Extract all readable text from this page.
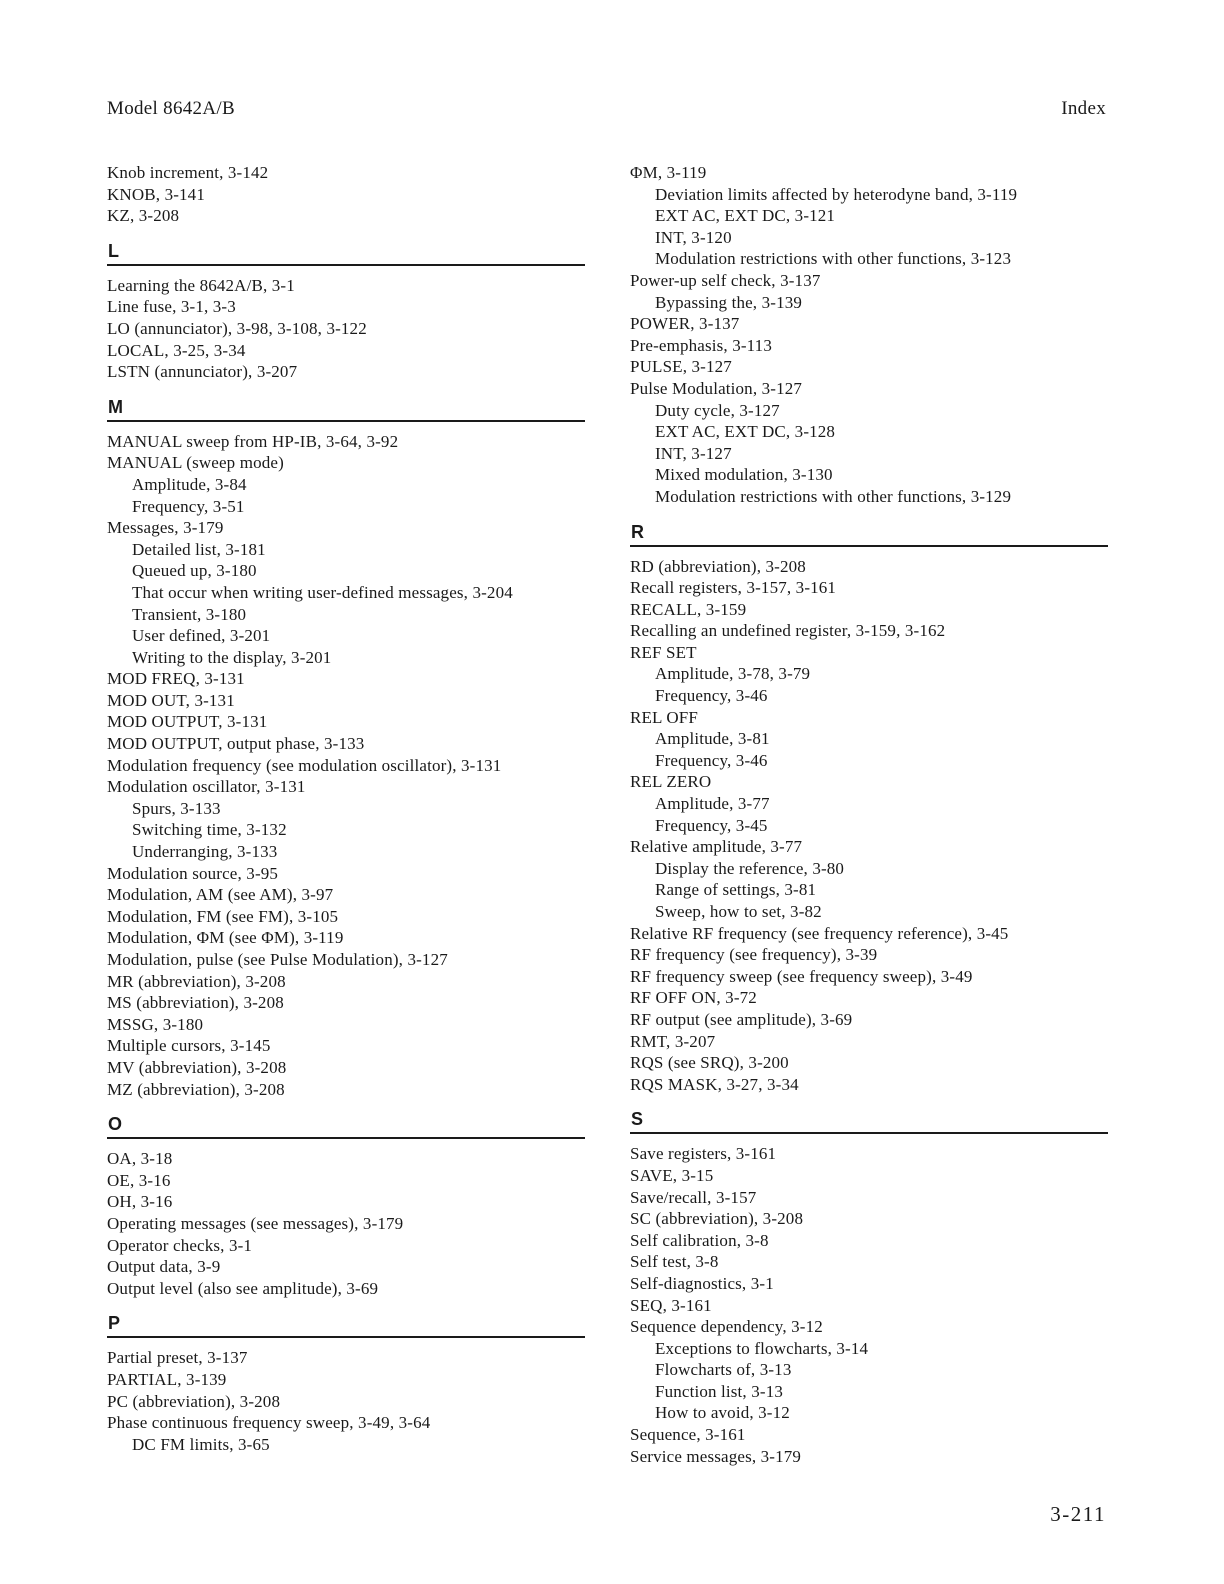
Model 8642A/B	Index
Knob increment, 3-142
KNOB, 3-141
KZ, 3-208
L
Learning the 8642A/B, 3-1
Line fuse, 3-1, 3-3
LO (annunciator), 3-98, 3-108, 3-122
LOCAL, 3-25, 3-34
LSTN (annunciator), 3-207
M
MANUAL sweep from HP-IB, 3-64, 3-92
MANUAL (sweep mode)
Amplitude, 3-84
Frequency, 3-51
Messages, 3-179
Detailed list, 3-181
Queued up, 3-180
That occur when writing user-defined messages, 3-204
Transient, 3-180
User defined, 3-201
Writing to the display, 3-201
MOD FREQ, 3-131
MOD OUT, 3-131
MOD OUTPUT, 3-131
MOD OUTPUT, output phase, 3-133
Modulation frequency (see modulation oscillator), 3-131
Modulation oscillator, 3-131
Spurs, 3-133
Switching time, 3-132
Underranging, 3-133
Modulation source, 3-95
Modulation, AM (see AM), 3-97
Modulation, FM (see FM), 3-105
Modulation, ΦM (see ΦM), 3-119
Modulation, pulse (see Pulse Modulation), 3-127
MR (abbreviation), 3-208
MS (abbreviation), 3-208
MSSG, 3-180
Multiple cursors, 3-145
MV (abbreviation), 3-208
MZ (abbreviation), 3-208
O
OA, 3-18
OE, 3-16
OH, 3-16
Operating messages (see messages), 3-179
Operator checks, 3-1
Output data, 3-9
Output level (also see amplitude), 3-69
P
Partial preset, 3-137
PARTIAL, 3-139
PC (abbreviation), 3-208
Phase continuous frequency sweep, 3-49, 3-64
DC FM limits, 3-65
ΦM, 3-119
Deviation limits affected by heterodyne band, 3-119
EXT AC, EXT DC, 3-121
INT, 3-120
Modulation restrictions with other functions, 3-123
Power-up self check, 3-137
Bypassing the, 3-139
POWER, 3-137
Pre-emphasis, 3-113
PULSE, 3-127
Pulse Modulation, 3-127
Duty cycle, 3-127
EXT AC, EXT DC, 3-128
INT, 3-127
Mixed modulation, 3-130
Modulation restrictions with other functions, 3-129
R
RD (abbreviation), 3-208
Recall registers, 3-157, 3-161
RECALL, 3-159
Recalling an undefined register, 3-159, 3-162
REF SET
Amplitude, 3-78, 3-79
Frequency, 3-46
REL OFF
Amplitude, 3-81
Frequency, 3-46
REL ZERO
Amplitude, 3-77
Frequency, 3-45
Relative amplitude, 3-77
Display the reference, 3-80
Range of settings, 3-81
Sweep, how to set, 3-82
Relative RF frequency (see frequency reference), 3-45
RF frequency (see frequency), 3-39
RF frequency sweep (see frequency sweep), 3-49
RF OFF ON, 3-72
RF output (see amplitude), 3-69
RMT, 3-207
RQS (see SRQ), 3-200
RQS MASK, 3-27, 3-34
S
Save registers, 3-161
SAVE, 3-15
Save/recall, 3-157
SC (abbreviation), 3-208
Self calibration, 3-8
Self test, 3-8
Self-diagnostics, 3-1
SEQ, 3-161
Sequence dependency, 3-12
Exceptions to flowcharts, 3-14
Flowcharts of, 3-13
Function list, 3-13
How to avoid, 3-12
Sequence, 3-161
Service messages, 3-179
3-211
